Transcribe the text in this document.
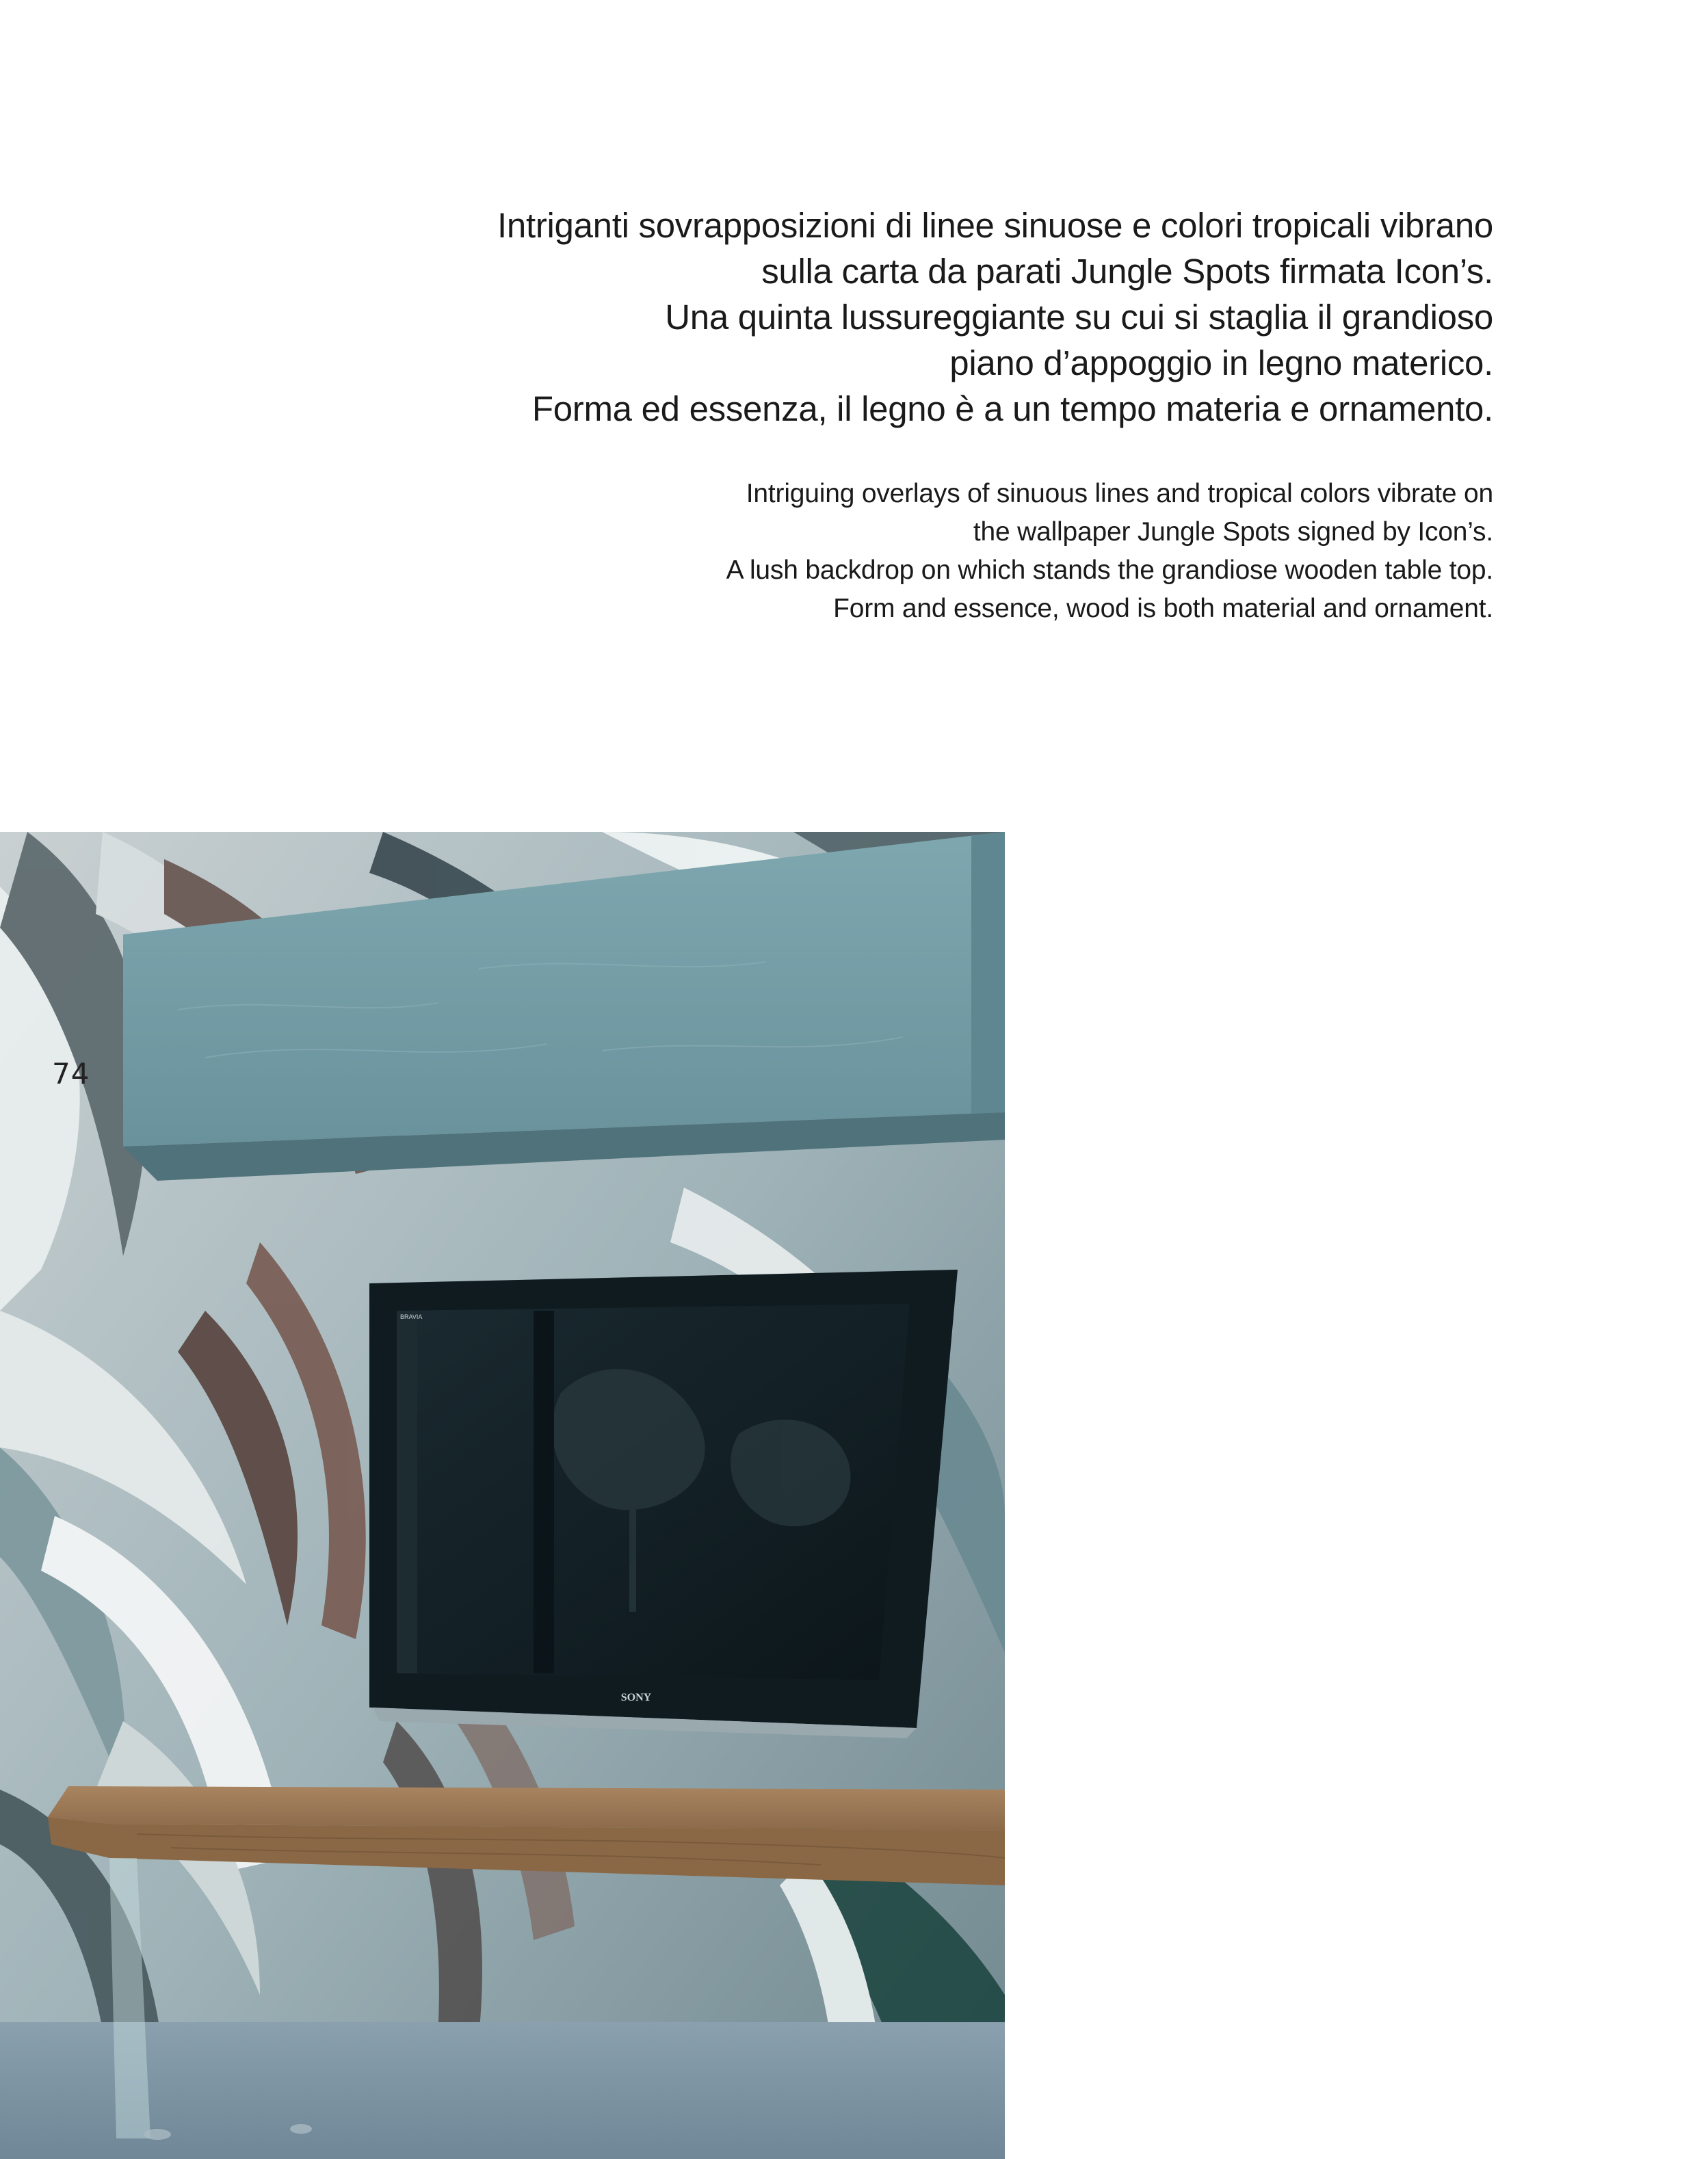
Intriganti sovrapposizioni di linee sinuose e colori tropicali vibrano
sulla carta da parati Jungle Spots firmata Icon’s.
Una quinta lussureggiante su cui si staglia il grandioso
piano d’appoggio in legno materico.
Forma ed essenza, il legno è a un tempo materia e ornamento.
Intriguing overlays of sinuous lines and tropical colors vibrate on
the wallpaper Jungle Spots signed by Icon’s.
A lush backdrop on which stands the grandiose wooden table top.
Form and essence, wood is both material and ornament.
BRAVIA
SONY
74
